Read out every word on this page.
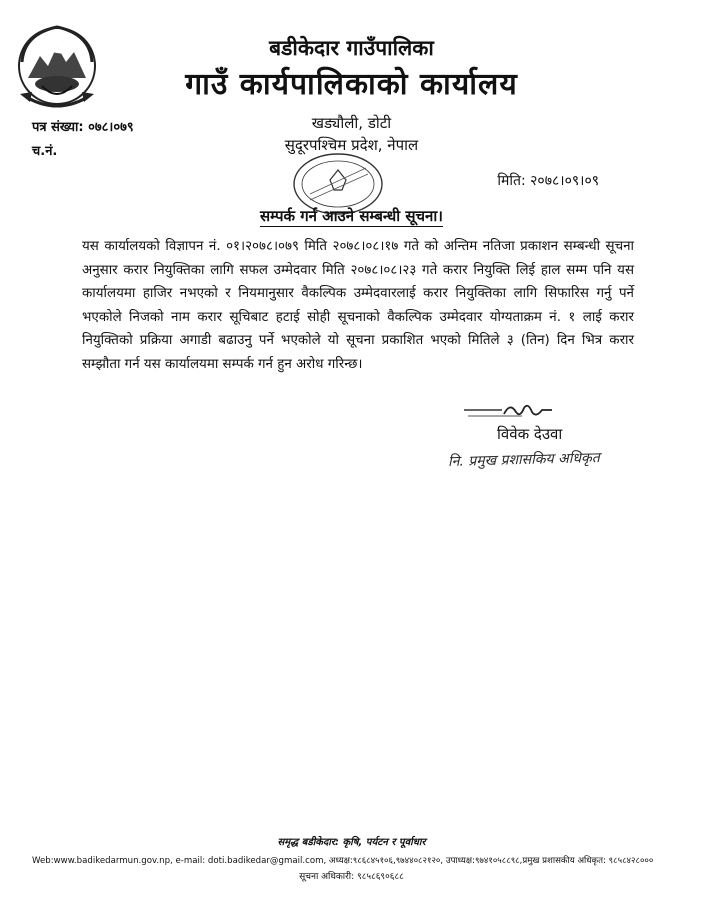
बडीकेदार गाउँपालिका
गाउँ कार्यपालिकाको कार्यालय
खड्यौली, डोटी
सुदूरपश्चिम प्रदेश, नेपाल
पत्र संख्या: ०७८।०७९
च.नं.
मिति: २०७८।०९।०९
सम्पर्क गर्न आउने सम्बन्धी सूचना।
यस कार्यालयको विज्ञापन नं. ०१।२०७८।०७९ मिति २०७८।०८।१७ गते को अन्तिम नतिजा प्रकाशन सम्बन्धी सूचना अनुसार करार नियुक्तिका लागि सफल उम्मेदवार मिति २०७८।०८।२३ गते करार नियुक्ति लिई हाल सम्म पनि यस कार्यालयमा हाजिर नभएको र नियमानुसार वैकल्पिक उम्मेदवारलाई करार नियुक्तिका लागि सिफारिस गर्नु पर्ने भएकोले निजको नाम करार सूचिबाट हटाई सोही सूचनाको वैकल्पिक उम्मेदवार योग्यताक्रम नं. १ लाई करार नियुक्तिको प्रक्रिया अगाडी बढाउनु पर्ने भएकोले यो सूचना प्रकाशित भएको मितिले ३ (तिन) दिन भित्र करार सम्झौता गर्न यस कार्यालयमा सम्पर्क गर्न हुन अरोध गरिन्छ।
विवेक देउवा
नि. प्रमुख प्रशासकिय अधिकृत
समृद्ध बडीकेदार: कृषि, पर्यटन र पूर्वाधार
Web:www.badikedarmun.gov.np, e-mail: doti.badikedar@gmail.com, अध्यक्ष:९८६८४५१०६,९७४४०८२१२०, उपाध्यक्ष:९७४१०५८८९८,प्रमुख प्रशासकीय अधिकृत: ९८५८४२८०००
सूचना अधिकारी: ९८५८६९०६८८
